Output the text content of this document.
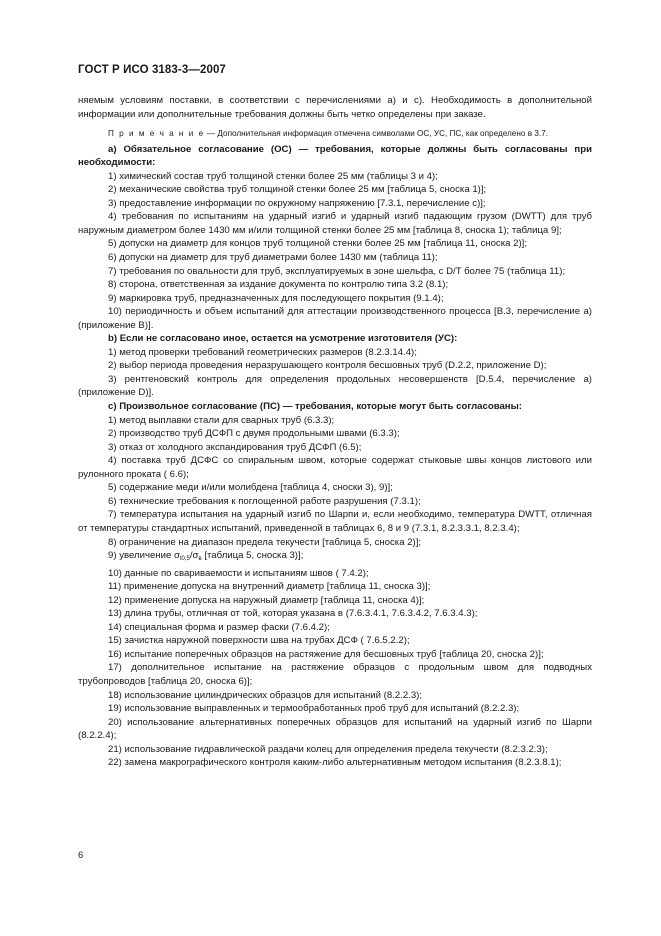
ГОСТ Р ИСО 3183-3—2007

няемым условиям поставки, в соответствии с перечислениями а) и с). Необходимость в дополнительной информации или дополнительные требования должны быть четко определены при заказе.

П р и м е ч а н и е — Дополнительная информация отмечена символами ОС, УС, ПС, как определено в 3.7.

а) Обязательное согласование (ОС) — требования, которые должны быть согласованы при необходимости:

1) химический состав труб толщиной стенки более 25 мм (таблицы 3 и 4);

2) механические свойства труб толщиной стенки более 25 мм [таблица 5, сноска 1)];

3) предоставление информации по окружному напряжению [7.3.1, перечисление с)];

4) требования по испытаниям на ударный изгиб и ударный изгиб падающим грузом (DWTT) для труб наружным диаметром более 1430 мм и/или толщиной стенки более 25 мм [таблица 8, сноска 1); таблица 9];

5) допуски на диаметр для концов труб толщиной стенки более 25 мм [таблица 11, сноска 2)];

6) допуски на диаметр для труб диаметрами более 1430 мм (таблица 11);

7) требования по овальности для труб, эксплуатируемых в зоне шельфа, с D/T более 75 (таблица 11);

8) сторона, ответственная за издание документа по контролю типа 3.2 (8.1);

9) маркировка труб, предназначенных для последующего покрытия (9.1.4);

10) периодичность и объем испытаний для аттестации производственного процесса [В.3, перечисление а) (приложение В)].

b) Если не согласовано иное, остается на усмотрение изготовителя (УС):

1) метод проверки требований геометрических размеров (8.2.3.14.4);

2) выбор периода проведения неразрушающего контроля бесшовных труб (D.2.2, приложение D);

3) рентгеновский контроль для определения продольных несовершенств [D.5.4, перечисление а) (приложение D)].

с) Произвольное согласование (ПС) — требования, которые могут быть согласованы:

1) метод выплавки стали для сварных труб (6.3.3);

2) производство труб ДСФП с двумя продольными швами (6.3.3);

3) отказ от холодного экспандирования труб ДСФП (6.5);

4) поставка труб ДСФС со спиральным швом, которые содержат стыковые швы концов листового или рулонного проката ( 6.6);

5) содержание меди и/или молибдена [таблица 4, сноски 3), 9)];

6) технические требования к поглощенной работе разрушения (7.3.1);

7) температура испытания на ударный изгиб по Шарпи и, если необходимо, температура DWTT, отличная от температуры стандартных испытаний, приведенной в таблицах 6, 8 и 9 (7.3.1, 8.2.3.3.1, 8.2.3.4);

8) ограничение на диапазон предела текучести [таблица 5, сноска 2)];

9) увеличение $\sigma_{t0,5}/\sigma_в$ [таблица 5, сноска 3)];

10) данные по свариваемости и испытаниям швов ( 7.4.2);

11) применение допуска на внутренний диаметр [таблица 11, сноска 3)];

12) применение допуска на наружный диаметр [таблица 11, сноска 4)];

13) длина трубы, отличная от той, которая указана в (7.6.3.4.1, 7.6.3.4.2, 7.6.3.4.3);

14) специальная форма и размер фаски (7.6.4.2);

15) зачистка наружной поверхности шва на трубах ДСФ ( 7.6.5.2.2);

16) испытание поперечных образцов на растяжение для бесшовных труб [таблица 20, сноска 2)];

17) дополнительное испытание на растяжение образцов с продольным швом для подводных трубопроводов [таблица 20, сноска 6)];

18) использование цилиндрических образцов для испытаний (8.2.2.3);

19) использование выправленных и термообработанных проб труб для испытаний (8.2.2.3);

20) использование альтернативных поперечных образцов для испытаний на ударный изгиб по Шарпи (8.2.2.4);

21) использование гидравлической раздачи колец для определения предела текучести (8.2.3.2.3);

22) замена макрографического контроля каким-либо альтернативным методом испытания (8.2.3.8.1);

6
